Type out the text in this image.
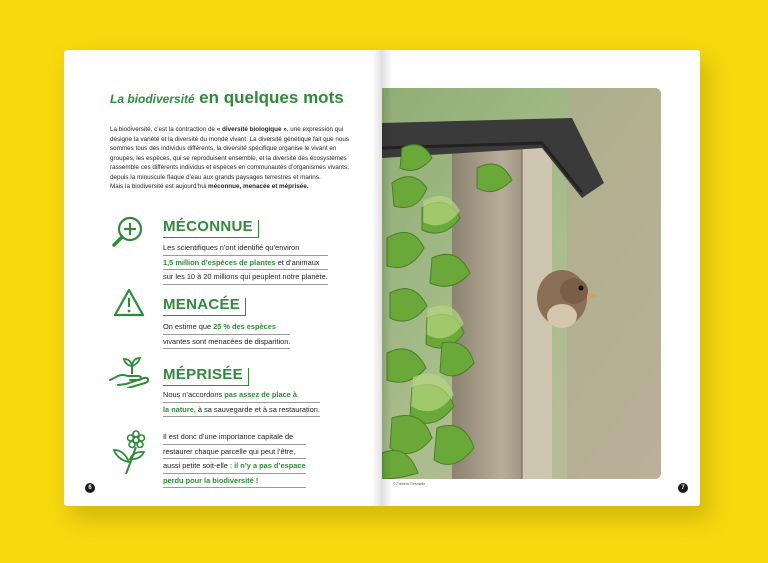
La biodiversité en quelques mots
La biodiversité, c’est la contraction de « diversité biologique », une expression qui désigne la variété et la diversité du monde vivant. La diversité génétique fait que nous sommes tous des individus différents, la diversité spécifique organise le vivant en groupes, les espèces, qui se reproduisent ensemble, et la diversité des écosystèmes rassemble ces différents individus et espèces en communautés d’organismes vivants, depuis la minuscule flaque d’eau aux grands paysages terrestres et marins.
Mais la biodiversité est aujourd’hui méconnue, menacée et méprisée.
MÉCONNUE
Les scientifiques n’ont identifié qu’environ
1,5 million d’espèces de plantes et d’animaux
sur les 10 à 20 millions qui peuplent notre planète.
MENACÉE
On estime que 25 % des espèces
vivantes sont menacées de disparition.
MÉPRISÉE
Nous n’accordons pas assez de place à
la nature, à sa sauvegarde et à sa restauration.
Il est donc d’une importance capitale de
restaurer chaque parcelle qui peut l’être,
aussi petite soit-elle : il n’y a pas d’espace
perdu pour la biodiversité !
6	7
© Frédéric Desmette
